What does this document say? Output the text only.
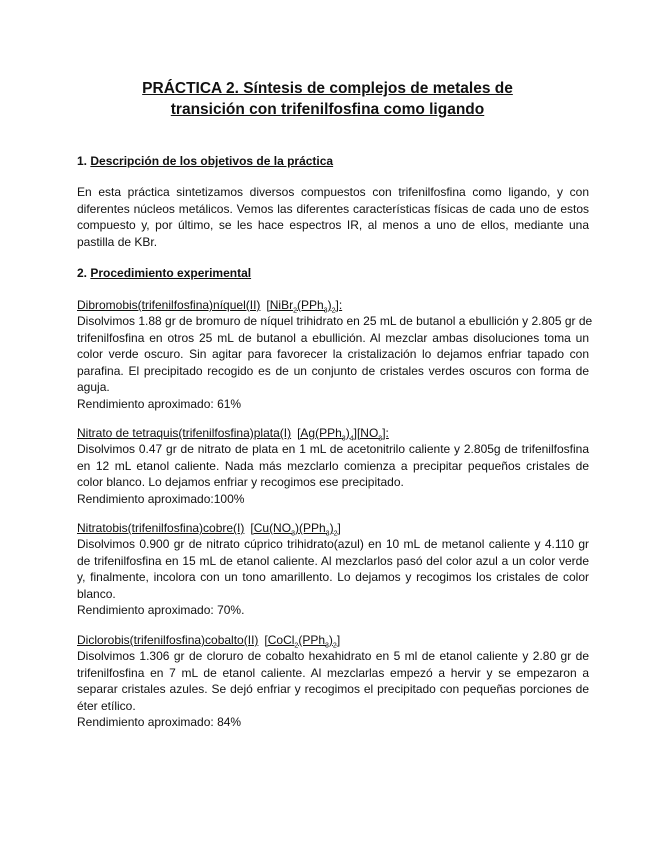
PRÁCTICA 2. Síntesis de complejos de metales de
transición con trifenilfosfina como ligando
1. Descripción de los objetivos de la práctica
En esta práctica sintetizamos diversos compuestos con trifenilfosfina como ligando, y con
diferentes núcleos metálicos. Vemos las diferentes características físicas de cada uno de estos
compuesto y, por último, se les hace espectros IR, al menos a uno de ellos, mediante una
pastilla de KBr.
2. Procedimiento experimental
Dibromobis(trifenilfosfina)níquel(II) $[NiBr_2(PPh_3)_2]$:
Disolvimos 1.88 gr de bromuro de níquel trihidrato en 25 mL de butanol a ebullición y 2.805 gr de
trifenilfosfina en otros 25 mL de butanol a ebullición. Al mezclar ambas disoluciones toma un
color verde oscuro. Sin agitar para favorecer la cristalización lo dejamos enfriar tapado con
parafina. El precipitado recogido es de un conjunto de cristales verdes oscuros con forma de
aguja.
Rendimiento aproximado: 61%
Nitrato de tetraquis(trifenilfosfina)plata(I) $[Ag(PPh_3)_4][NO_3]$:
Disolvimos 0.47 gr de nitrato de plata en 1 mL de acetonitrilo caliente y 2.805g de trifenilfosfina
en 12 mL etanol caliente. Nada más mezclarlo comienza a precipitar pequeños cristales de
color blanco. Lo dejamos enfriar y recogimos ese precipitado.
Rendimiento aproximado:100%
Nitratobis(trifenilfosfina)cobre(I) $[Cu(NO_3)(PPh_3)_2]$
Disolvimos 0.900 gr de nitrato cúprico trihidrato(azul) en 10 mL de metanol caliente y 4.110 gr
de trifenilfosfina en 15 mL de etanol caliente. Al mezclarlos pasó del color azul a un color verde
y, finalmente, incolora con un tono amarillento. Lo dejamos y recogimos los cristales de color
blanco.
Rendimiento aproximado: 70%.
Diclorobis(trifenilfosfina)cobalto(II) $[CoCl_2(PPh_3)_2]$
Disolvimos 1.306 gr de cloruro de cobalto hexahidrato en 5 ml de etanol caliente y 2.80 gr de
trifenilfosfina en 7 mL de etanol caliente. Al mezclarlas empezó a hervir y se empezaron a
separar cristales azules. Se dejó enfriar y recogimos el precipitado con pequeñas porciones de
éter etílico.
Rendimiento aproximado: 84%
